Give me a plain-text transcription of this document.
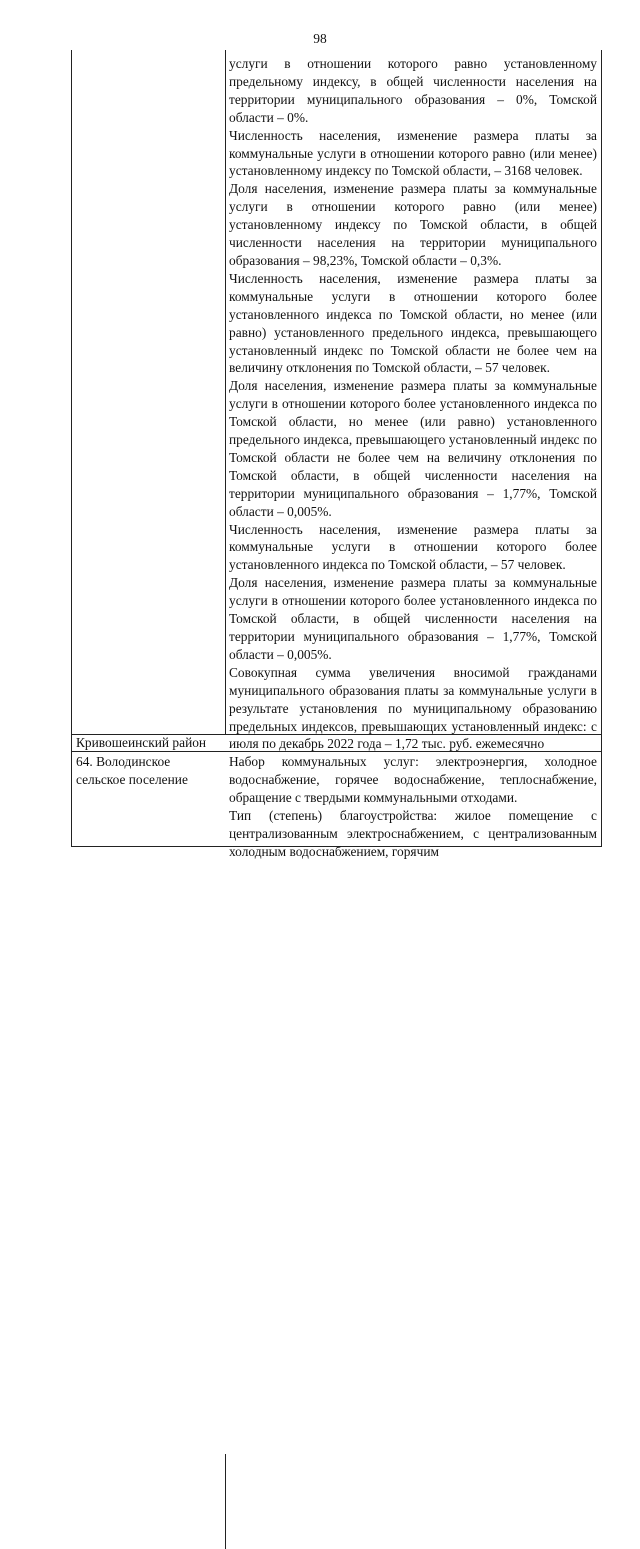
98

услуги в отношении которого равно установленному предельному индексу, в общей численности населения на территории муниципального образования – 0%, Томской области – 0%.

Численность населения, изменение размера платы за коммунальные услуги в отношении которого равно (или менее) установленному индексу по Томской области, – 3168 человек.

Доля населения, изменение размера платы за коммунальные услуги в отношении которого равно (или менее) установленному индексу по Томской области, в общей численности населения на территории муниципального образования – 98,23%, Томской области – 0,3%.

Численность населения, изменение размера платы за коммунальные услуги в отношении которого более установленного индекса по Томской области, но менее (или равно) установленного предельного индекса, превышающего установленный индекс по Томской области не более чем на величину отклонения по Томской области, – 57 человек.

Доля населения, изменение размера платы за коммунальные услуги в отношении которого более установленного индекса по Томской области, но менее (или равно) установленного предельного индекса, превышающего установленный индекс по Томской области не более чем на величину отклонения по Томской области, в общей численности населения на территории муниципального образования – 1,77%, Томской области – 0,005%.

Численность населения, изменение размера платы за коммунальные услуги в отношении которого более установленного индекса по Томской области, – 57 человек.

Доля населения, изменение размера платы за коммунальные услуги в отношении которого более установленного индекса по Томской области, в общей численности населения на территории муниципального образования – 1,77%, Томской области – 0,005%.

Совокупная сумма увеличения вносимой гражданами муниципального образования платы за коммунальные услуги в результате установления по муниципальному образованию предельных индексов, превышающих установленный индекс: с июля по декабрь 2022 года – 1,72 тыс. руб. ежемесячно

Кривошеинский район

64. Володинское сельское поселение

Набор коммунальных услуг: электроэнергия, холодное водоснабжение, горячее водоснабжение, теплоснабжение, обращение с твердыми коммунальными отходами.

Тип (степень) благоустройства: жилое помещение с централизованным электроснабжением, с централизованным холодным водоснабжением, горячим
